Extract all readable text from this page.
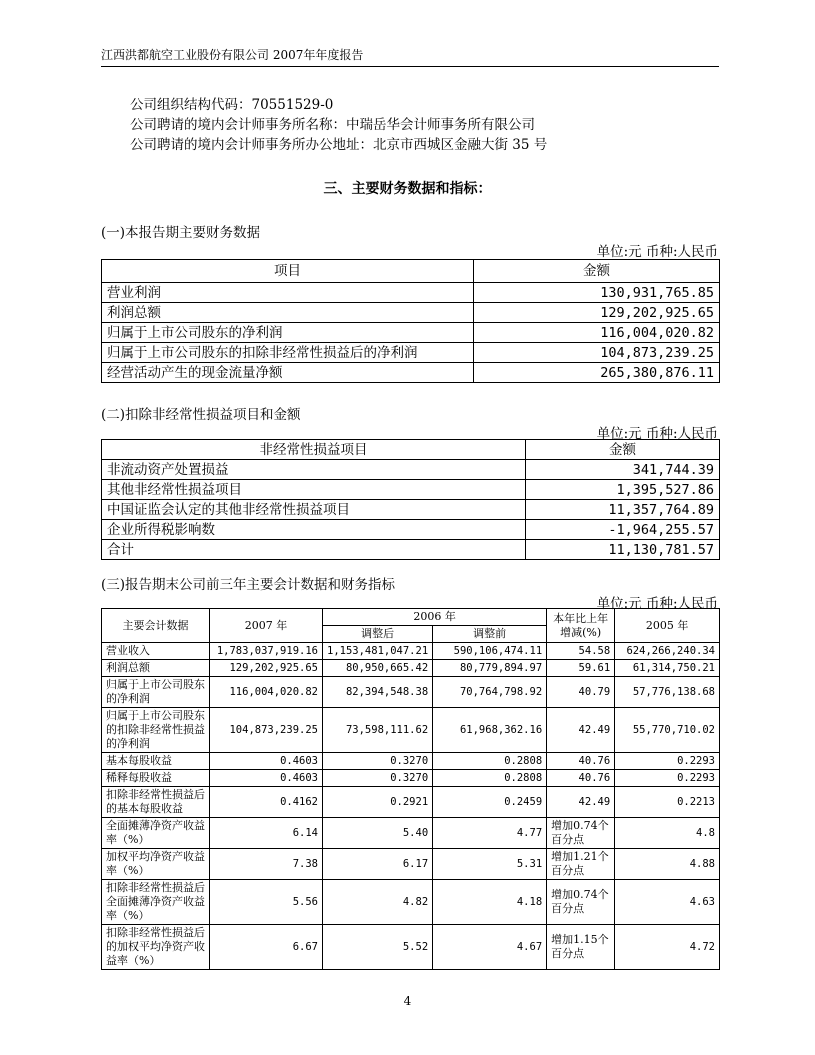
江西洪都航空工业股份有限公司 2007年年度报告
公司组织结构代码：70551529-0
公司聘请的境内会计师事务所名称：中瑞岳华会计师事务所有限公司
公司聘请的境内会计师事务所办公地址：北京市西城区金融大街 35 号
三、主要财务数据和指标：
(一)本报告期主要财务数据
单位:元 币种:人民币
项目	金额
营业利润	130,931,765.85
利润总额	129,202,925.65
归属于上市公司股东的净利润	116,004,020.82
归属于上市公司股东的扣除非经常性损益后的净利润	104,873,239.25
经营活动产生的现金流量净额	265,380,876.11
(二)扣除非经常性损益项目和金额
单位:元 币种:人民币
非经常性损益项目	金额
非流动资产处置损益	341,744.39
其他非经常性损益项目	1,395,527.86
中国证监会认定的其他非经常性损益项目	11,357,764.89
企业所得税影响数	-1,964,255.57
合计	11,130,781.57
(三)报告期末公司前三年主要会计数据和财务指标
单位:元 币种:人民币
主要会计数据	2007 年	2006 年		本年比上年增减(%)	2005 年
		调整后	调整前		
营业收入	1,783,037,919.16	1,153,481,047.21	590,106,474.11	54.58	624,266,240.34
利润总额	129,202,925.65	80,950,665.42	80,779,894.97	59.61	61,314,750.21
归属于上市公司股东的净利润	116,004,020.82	82,394,548.38	70,764,798.92	40.79	57,776,138.68
归属于上市公司股东的扣除非经常性损益的净利润	104,873,239.25	73,598,111.62	61,968,362.16	42.49	55,770,710.02
基本每股收益	0.4603	0.3270	0.2808	40.76	0.2293
稀释每股收益	0.4603	0.3270	0.2808	40.76	0.2293
扣除非经常性损益后的基本每股收益	0.4162	0.2921	0.2459	42.49	0.2213
全面摊薄净资产收益率（%）	6.14	5.40	4.77	增加0.74个百分点	4.8
加权平均净资产收益率（%）	7.38	6.17	5.31	增加1.21个百分点	4.88
扣除非经常性损益后全面摊薄净资产收益率（%）	5.56	4.82	4.18	增加0.74个百分点	4.63
扣除非经常性损益后的加权平均净资产收益率（%）	6.67	5.52	4.67	增加1.15个百分点	4.72
4
